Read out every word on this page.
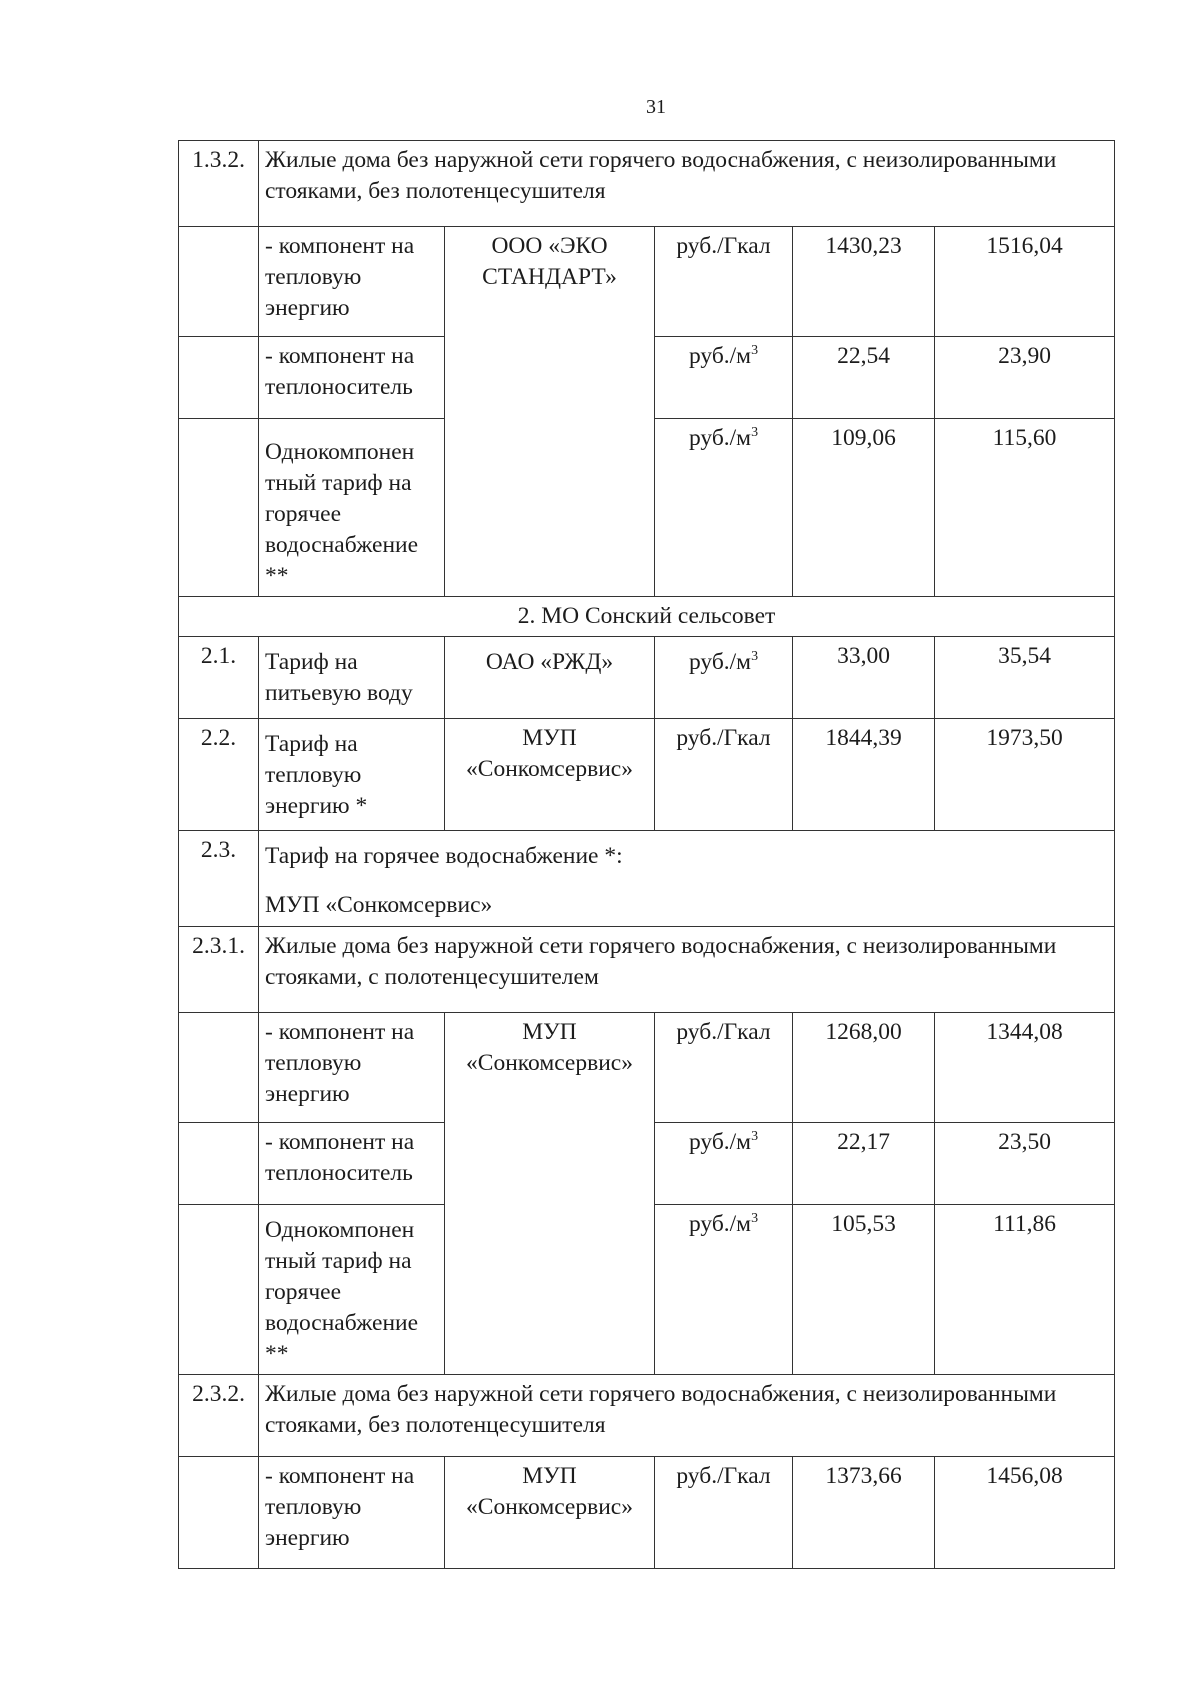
31
1.3.2.	Жилые дома без наружной сети горячего водоснабжения, с неизолированными стояками, без полотенцесушителя				
	- компонент на тепловую энергию	ООО «ЭКО СТАНДАРТ»	руб./Гкал	1430,23	1516,04
	- компонент на теплоноситель		$руб./м^3$	22,54	23,90
	Однокомпонен тный тариф на горячее водоснабжение **		$руб./м^3$	109,06	115,60
2. МО Сонский сельсовет					
2.1.	Тариф на питьевую воду	ОАО «РЖД»	$руб./м^3$	33,00	35,54
2.2.	Тариф на тепловую энергию *	МУП «Сонкомсервис»	руб./Гкал	1844,39	1973,50
2.3.	Тариф на горячее водоснабжение *:
МУП «Сонкомсервис»				
2.3.1.	Жилые дома без наружной сети горячего водоснабжения, с неизолированными стояками, с полотенцесушителем				
	- компонент на тепловую энергию	МУП «Сонкомсервис»	руб./Гкал	1268,00	1344,08
	- компонент на теплоноситель		$руб./м^3$	22,17	23,50
	Однокомпонен тный тариф на горячее водоснабжение **		$руб./м^3$	105,53	111,86
2.3.2.	Жилые дома без наружной сети горячего водоснабжения, с неизолированными стояками, без полотенцесушителя				
	- компонент на тепловую энергию	МУП «Сонкомсервис»	руб./Гкал	1373,66	1456,08
